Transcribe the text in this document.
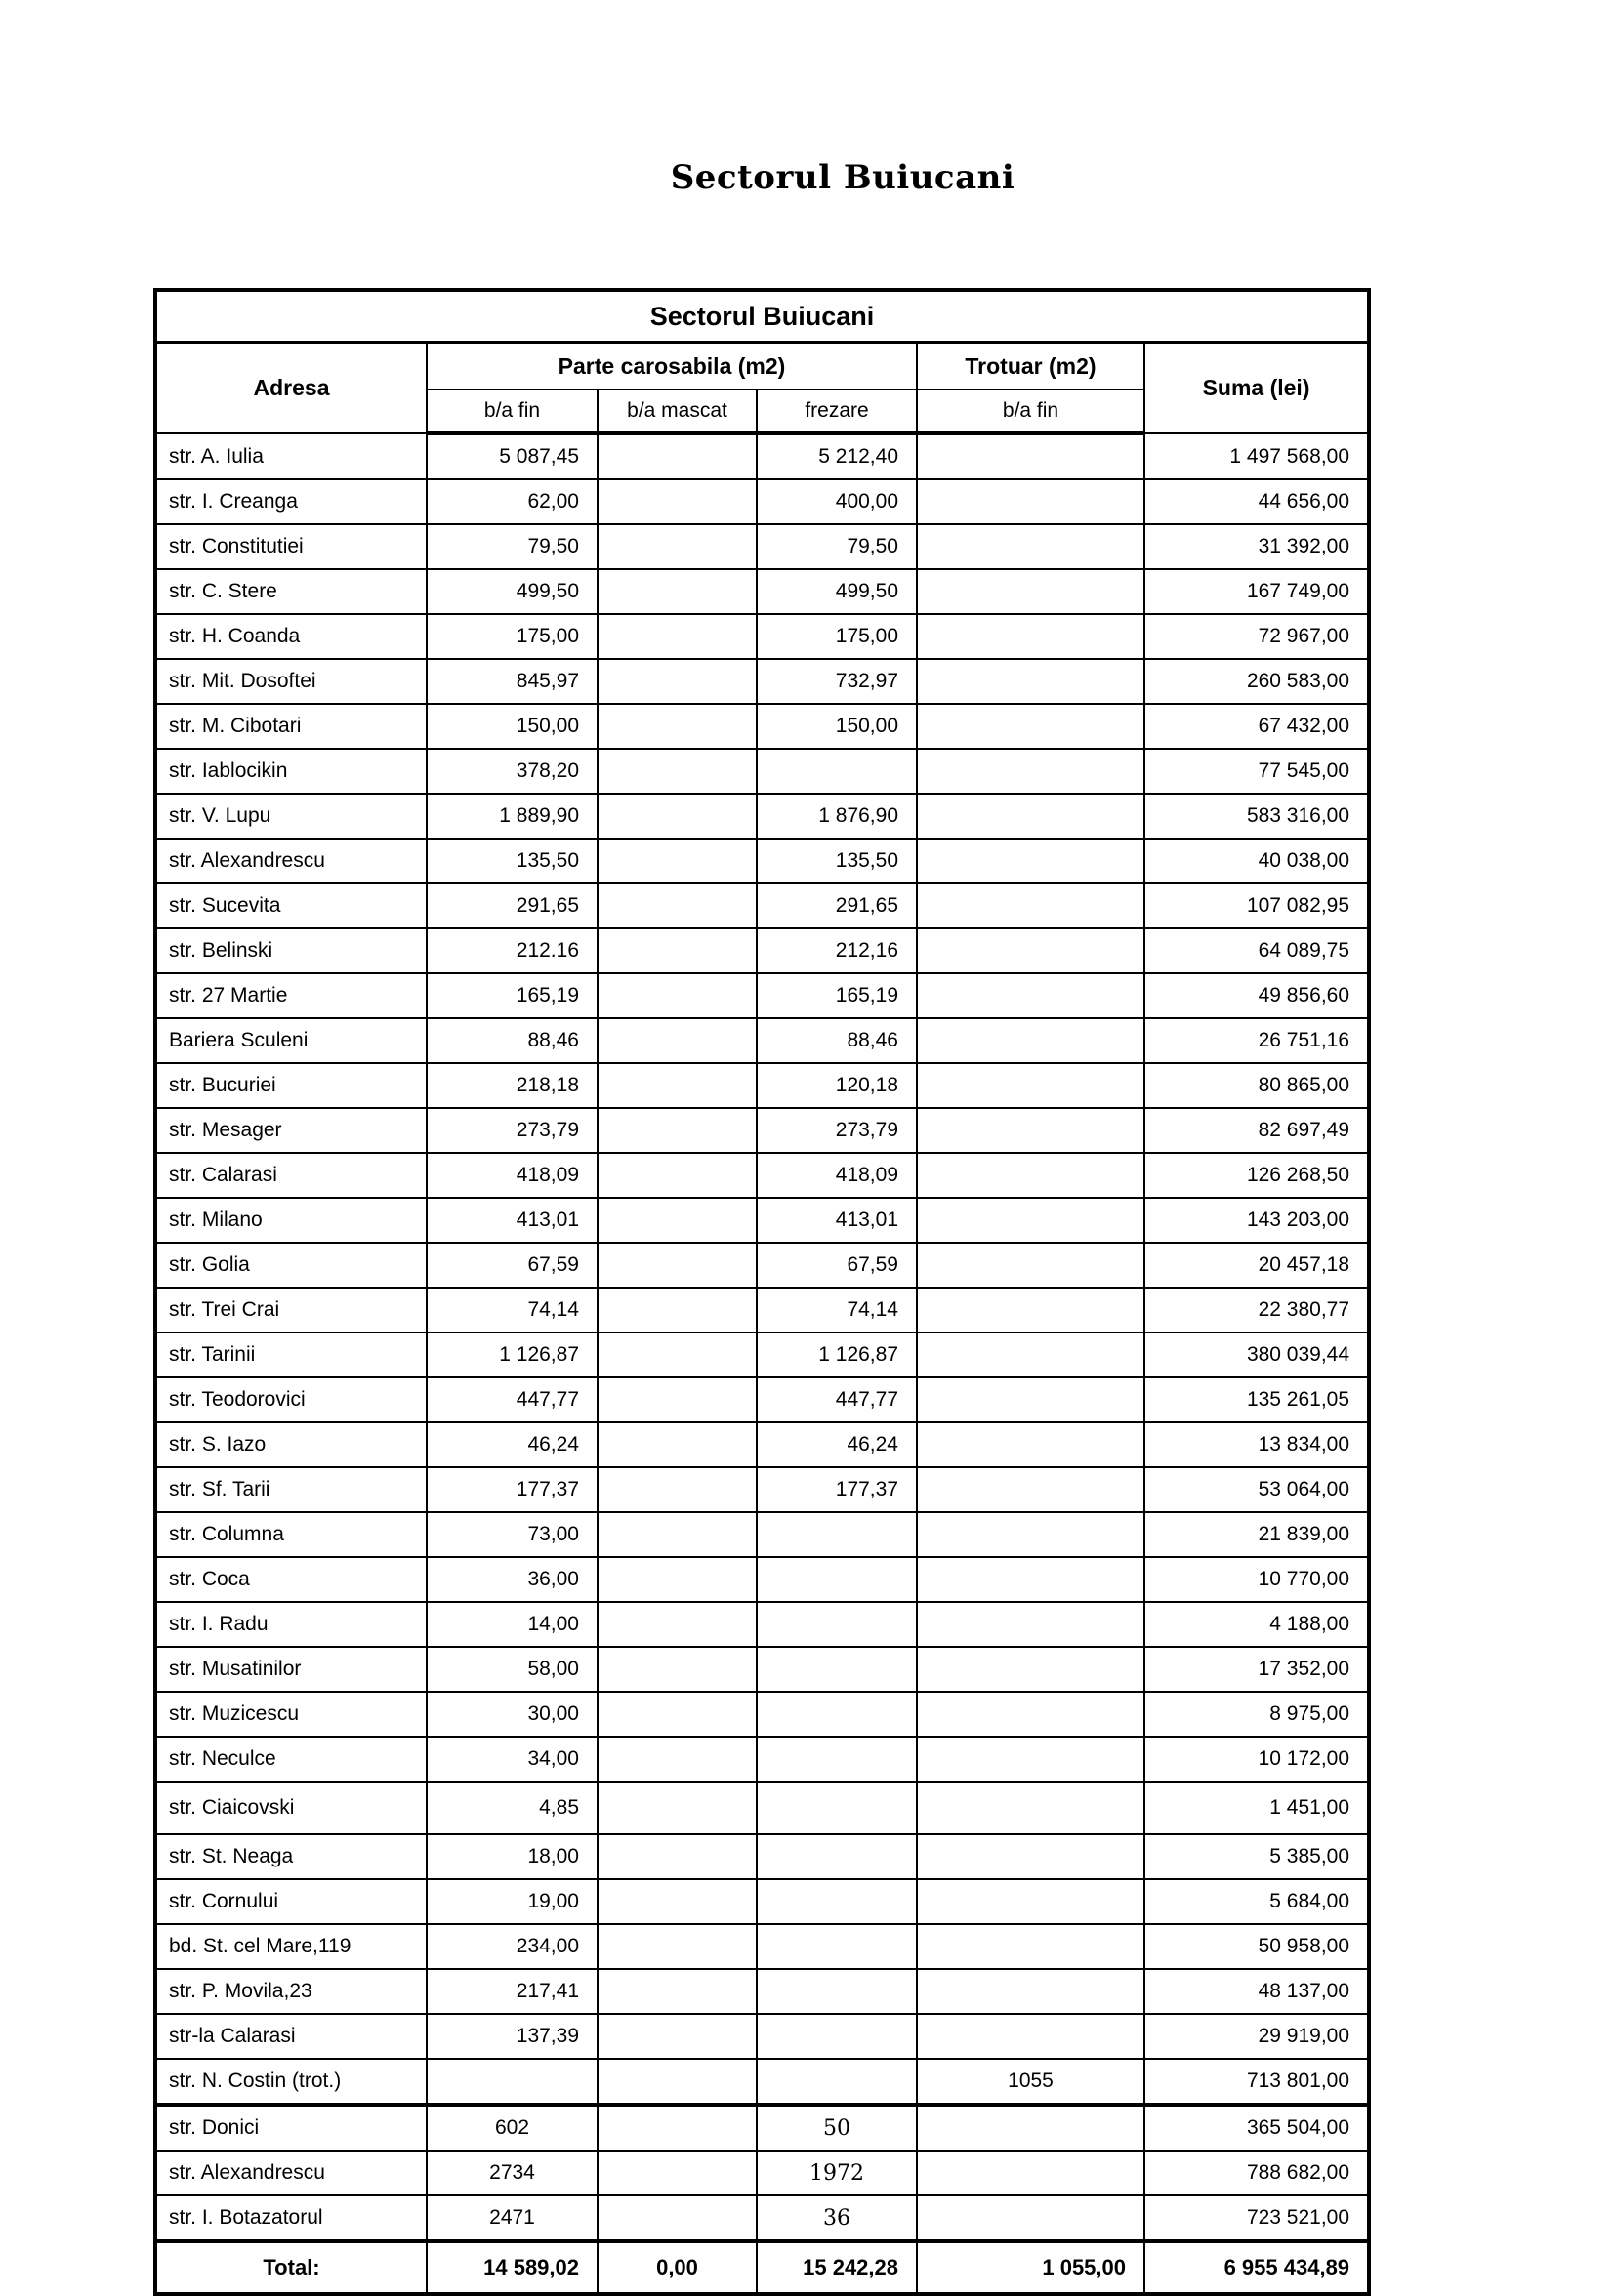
Sectorul Buiucani
Sectorul Buiucani					
Adresa	Parte carosabila (m2)			Trotuar (m2)	Suma (lei)
	b/a fin	b/a mascat	frezare	b/a fin	
str. A. Iulia	5 087,45		5 212,40		1 497 568,00
str. I. Creanga	62,00		400,00		44 656,00
str. Constitutiei	79,50		79,50		31 392,00
str. C. Stere	499,50		499,50		167 749,00
str. H. Coanda	175,00		175,00		72 967,00
str. Mit. Dosoftei	845,97		732,97		260 583,00
str. M. Cibotari	150,00		150,00		67 432,00
str. Iablocikin	378,20				77 545,00
str. V. Lupu	1 889,90		1 876,90		583 316,00
str. Alexandrescu	135,50		135,50		40 038,00
str. Sucevita	291,65		291,65		107 082,95
str. Belinski	212.16		212,16		64 089,75
str. 27 Martie	165,19		165,19		49 856,60
Bariera Sculeni	88,46		88,46		26 751,16
str. Bucuriei	218,18		120,18		80 865,00
str. Mesager	273,79		273,79		82 697,49
str. Calarasi	418,09		418,09		126 268,50
str. Milano	413,01		413,01		143 203,00
str. Golia	67,59		67,59		20 457,18
str. Trei Crai	74,14		74,14		22 380,77
str. Tarinii	1 126,87		1 126,87		380 039,44
str. Teodorovici	447,77		447,77		135 261,05
str. S. Iazo	46,24		46,24		13 834,00
str. Sf. Tarii	177,37		177,37		53 064,00
str. Columna	73,00				21 839,00
str. Coca	36,00				10 770,00
str. I. Radu	14,00				4 188,00
str. Musatinilor	58,00				17 352,00
str. Muzicescu	30,00				8 975,00
str. Neculce	34,00				10 172,00
str. Ciaicovski	4,85				1 451,00
str. St. Neaga	18,00				5 385,00
str. Cornului	19,00				5 684,00
bd. St. cel Mare,119	234,00				50 958,00
str. P. Movila,23	217,41				48 137,00
str-la Calarasi	137,39				29 919,00
str. N. Costin (trot.)				1055	713 801,00
str. Donici	602		50		365 504,00
str. Alexandrescu	2734		1972		788 682,00
str. I. Botazatorul	2471		36		723 521,00
Total:	14 589,02	0,00	15 242,28	1 055,00	6 955 434,89
